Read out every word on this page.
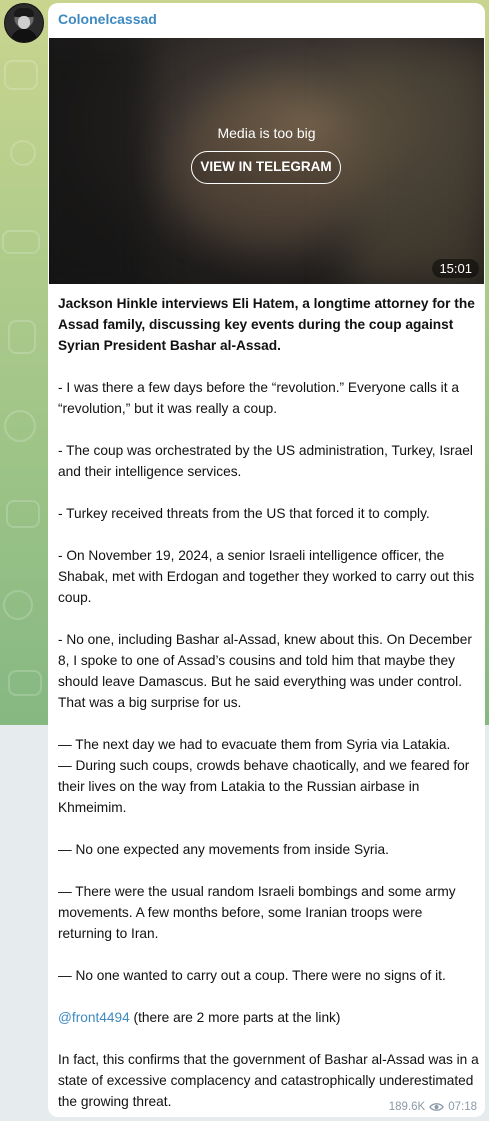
Colonelcassad
Media is too big
VIEW IN TELEGRAM
15:01

Jackson Hinkle interviews Eli Hatem, a longtime attorney for the Assad family, discussing key events during the coup against Syrian President Bashar al-Assad.

- I was there a few days before the “revolution.” Everyone calls it a “revolution,” but it was really a coup.

- The coup was orchestrated by the US administration, Turkey, Israel and their intelligence services.

- Turkey received threats from the US that forced it to comply.

- On November 19, 2024, a senior Israeli intelligence officer, the Shabak, met with Erdogan and together they worked to carry out this coup.

- No one, including Bashar al-Assad, knew about this. On December 8, I spoke to one of Assad’s cousins and told him that maybe they should leave Damascus. But he said everything was under control. That was a big surprise for us.

— The next day we had to evacuate them from Syria via Latakia.

— During such coups, crowds behave chaotically, and we feared for their lives on the way from Latakia to the Russian airbase in Khmeimim.

— No one expected any movements from inside Syria.

— There were the usual random Israeli bombings and some army movements. A few months before, some Iranian troops were returning to Iran.

— No one wanted to carry out a coup. There were no signs of it.

@front4494 (there are 2 more parts at the link)

In fact, this confirms that the government of Bashar al-Assad was in a state of excessive complacency and catastrophically underestimated the growing threat.	189.6K 07:18
